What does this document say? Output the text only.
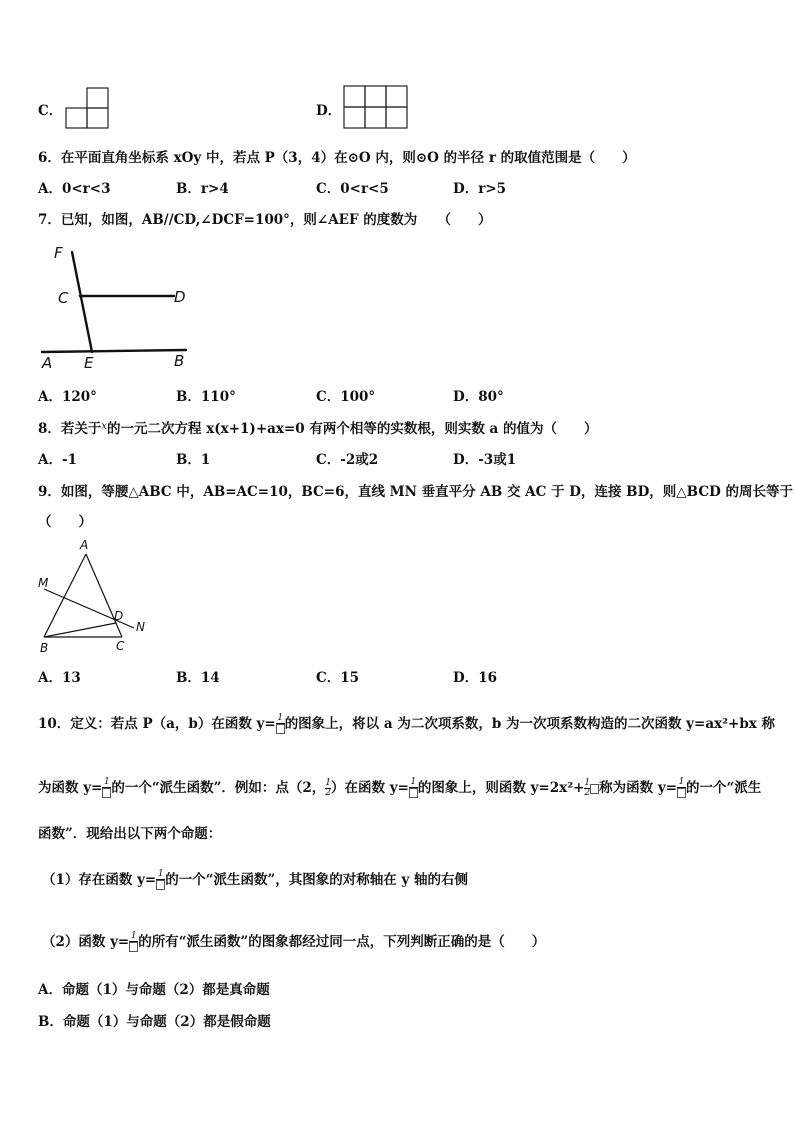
C．	D．
6．在平面直角坐标系 xOy 中，若点 P（3，4）在⊙O 内，则⊙O 的半径 r 的取值范围是（　　）
A．0<r<3	B．r>4	C．0<r<5	D．r>5
7．已知，如图，AB//CD,∠DCF=100°，则∠AEF 的度数为　　（　　）
F
C	D
A E	B
A．120°	B．110°	C．100°	D．80°
8．若关于$^x$的一元二次方程 x(x+1)+ax=0 有两个相等的实数根，则实数 a 的值为（　　）
A．-1	B．1	C．-2或2	D．-3或1
9．如图，等腰△ABC 中，AB=AC=10，BC=6，直线 MN 垂直平分 AB 交 AC 于 D，连接 BD，则△BCD 的周长等于
（　　）
A
M
D
N
B	C
A．13	B．14	C．15	D．16
10．定义：若点 P（a，b）在函数 y= 1 的图象上，将以 a 为二次项系数，b 为一次项系数构造的二次函数 y=ax²+bx 称
为函数 y= 1 的一个“派生函数”．例如：点（2， $\frac{1}{2}$ ）在函数 y= 1 的图象上，则函数 $y=2x^2+ \frac{1}{2}$ 称为函数 y= 1 的一个“派生
函数”．现给出以下两个命题：
（1）存在函数 y= 1 的一个“派生函数”，其图象的对称轴在 y 轴的右侧
（2）函数 y= 1 的所有“派生函数”的图象都经过同一点，下列判断正确的是（　　）
A．命题（1）与命题（2）都是真命题
B．命题（1）与命题（2）都是假命题
